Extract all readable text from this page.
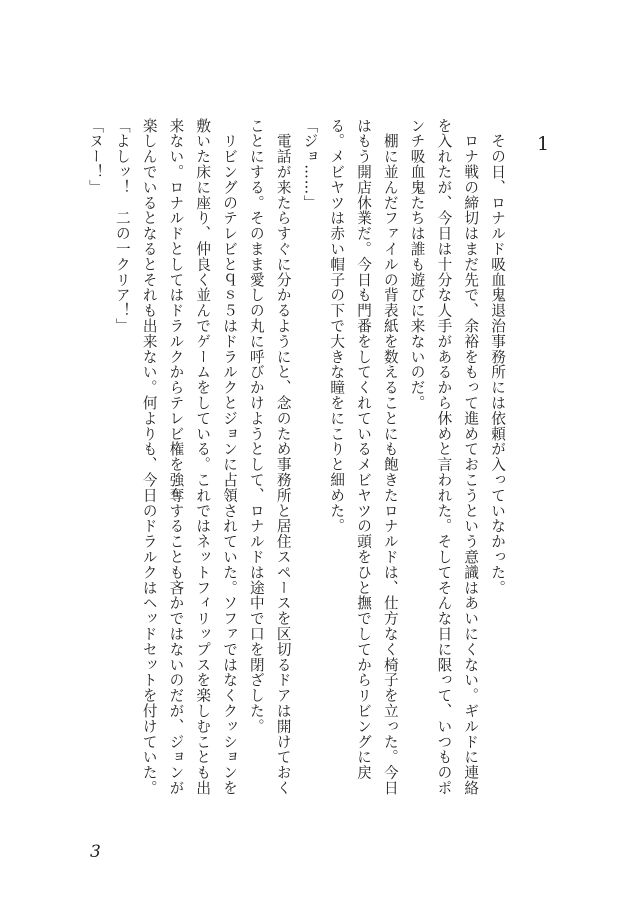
1

　その日、ロナルド吸血鬼退治事務所には依頼が入っていなかった。
　ロナ戦の締切はまだ先で、余裕をもって進めておこうという意識はあいにくない。ギルドに連絡を入れたが、今日は十分な人手があるから休めと言われた。そしてそんな日に限って、いつものポンチ吸血鬼たちは誰も遊びに来ないのだ。

　棚に並んだファイルの背表紙を数えることにも飽きたロナルドは、仕方なく椅子を立った。今日はもう開店休業だ。今日も門番をしてくれているメビヤツの頭をひと撫でしてからリビングに戻る。メビヤツは赤い帽子の下で大きな瞳をにこりと細めた。

「ジョ……」

　電話が来たらすぐに分かるようにと、念のため事務所と居住スペースを区切るドアは開けておくことにする。そのまま愛しの丸に呼びかけようとして、ロナルドは途中で口を閉ざした。

　リビングのテレビとｑｓ５はドラルクとジョンに占領されていた。ソファではなくクッションを敷いた床に座り、仲良く並んでゲームをしている。これではネットフィリップスを楽しむことも出来ない。ロナルドとしてはドラルクからテレビ権を強奪することも吝かではないのだが、ジョンが楽しんでいるとなるとそれも出来ない。何よりも、今日のドラルクはヘッドセットを付けていた。

「よしッ！　二の一クリア！」

「ヌー！」

3
